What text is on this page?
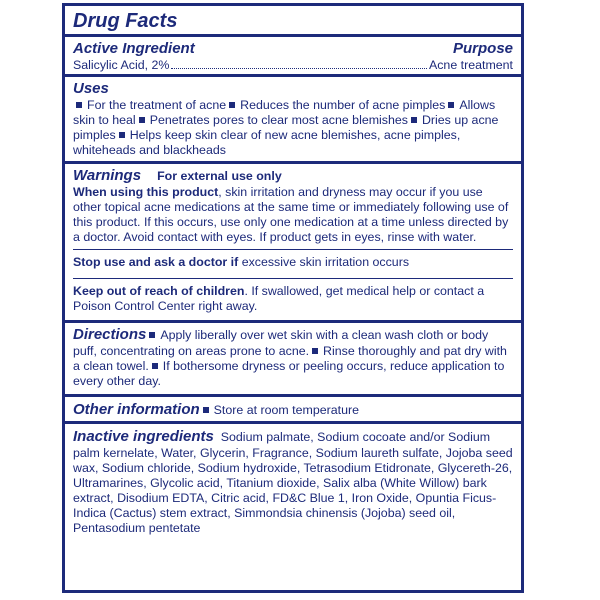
Drug Facts
Active Ingredient	Purpose
Salicylic Acid, 2%	Acne treatment
Uses
For the treatment of acne Reduces the number of acne pimples Allows skin to heal Penetrates pores to clear most acne blemishes Dries up acne pimples Helps keep skin clear of new acne blemishes, acne pimples, whiteheads and blackheads
Warnings For external use only
When using this product, skin irritation and dryness may occur if you use other topical acne medications at the same time or immediately following use of this product. If this occurs, use only one medication at a time unless directed by a doctor. Avoid contact with eyes. If product gets in eyes, rinse with water.
Stop use and ask a doctor if excessive skin irritation occurs
Keep out of reach of children. If swallowed, get medical help or contact a Poison Control Center right away.
Directions Apply liberally over wet skin with a clean wash cloth or body puff, concentrating on areas prone to acne. Rinse thoroughly and pat dry with a clean towel. If bothersome dryness or peeling occurs, reduce application to every other day.
Other information Store at room temperature
Inactive ingredients Sodium palmate, Sodium cocoate and/or Sodium palm kernelate, Water, Glycerin, Fragrance, Sodium laureth sulfate, Jojoba seed wax, Sodium chloride, Sodium hydroxide, Tetrasodium Etidronate, Glycereth-26, Ultramarines, Glycolic acid, Titanium dioxide, Salix alba (White Willow) bark extract, Disodium EDTA, Citric acid, FD&C Blue 1, Iron Oxide, Opuntia Ficus-Indica (Cactus) stem extract, Simmondsia chinensis (Jojoba) seed oil, Pentasodium pentetate
